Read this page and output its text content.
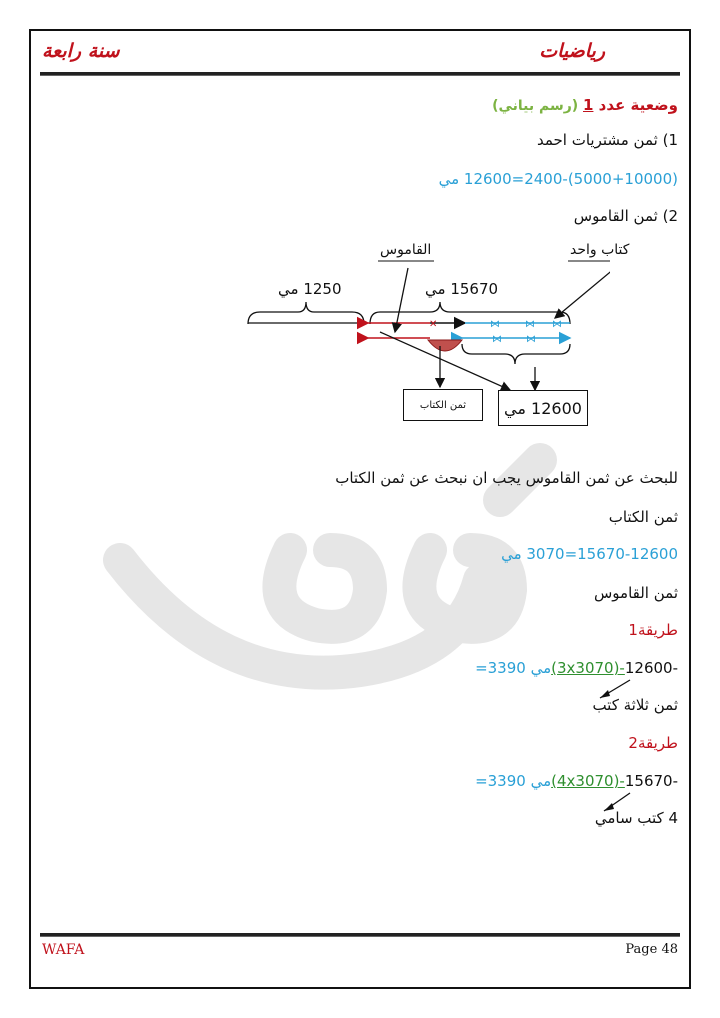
رياضيات
سنة رابعة
وضعية عدد 1 (رسم بياني)
1) ثمن مشتريات احمد
(5000+10000)-2400=12600 مي
2) ثمن القاموس
✕	⋈	⋈ ⋈
⋈ ⋈
كتاب واحد
القاموس
1250 مي	15670 مي
ثمن الكتاب	12600 مي
للبحث عن ثمن القاموس يجب ان نبحث عن ثمن الكتاب
ثمن الكتاب
15670-12600=3070 مي
ثمن القاموس
طريقة1
=3390 مي(3x3070)-12600-
ثمن ثلاثة كتب
طريقة2
=3390 مي(4x3070)-15670-
4 كتب سامي
WAFA	Page 48
